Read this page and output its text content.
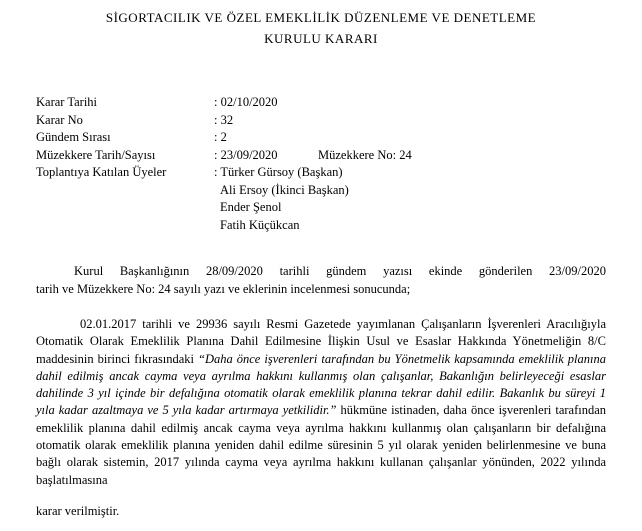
SİGORTACILIK VE ÖZEL EMEKLİLİK DÜZENLEME VE DENETLEME
KURULU KARARI
Karar Tarihi	: 02/10/2020
Karar No	: 32
Gündem Sırası	: 2
Müzekkere Tarih/Sayısı	: 23/09/2020	Müzekkere No: 24
Toplantıya Katılan Üyeler	: Türker Gürsoy (Başkan)
Ali Ersoy (İkinci Başkan)
Ender Şenol
Fatih Küçükcan
Kurul Başkanlığının 28/09/2020 tarihli gündem yazısı ekinde gönderilen 23/09/2020
tarih ve Müzekkere No: 24 sayılı yazı ve eklerinin incelenmesi sonucunda;
02.01.2017 tarihli ve 29936 sayılı Resmi Gazetede yayımlanan Çalışanların İşverenleri Aracılığıyla Otomatik Olarak Emeklilik Planına Dahil Edilmesine İlişkin Usul ve Esaslar Hakkında Yönetmeliğin 8/C maddesinin birinci fıkrasındaki “Daha önce işverenleri tarafından bu Yönetmelik kapsamında emeklilik planına dahil edilmiş ancak cayma veya ayrılma hakkını kullanmış olan çalışanlar, Bakanlığın belirleyeceği esaslar dahilinde 3 yıl içinde bir defalığına otomatik olarak emeklilik planına tekrar dahil edilir. Bakanlık bu süreyi 1 yıla kadar azaltmaya ve 5 yıla kadar artırmaya yetkilidir.” hükmüne istinaden, daha önce işverenleri tarafından emeklilik planına dahil edilmiş ancak cayma veya ayrılma hakkını kullanmış olan çalışanların bir defalığına otomatik olarak emeklilik planına yeniden dahil edilme süresinin 5 yıl olarak yeniden belirlenmesine ve buna bağlı olarak sistemin, 2017 yılında cayma veya ayrılma hakkını kullanan çalışanlar yönünden, 2022 yılında başlatılmasına
karar verilmiştir.
